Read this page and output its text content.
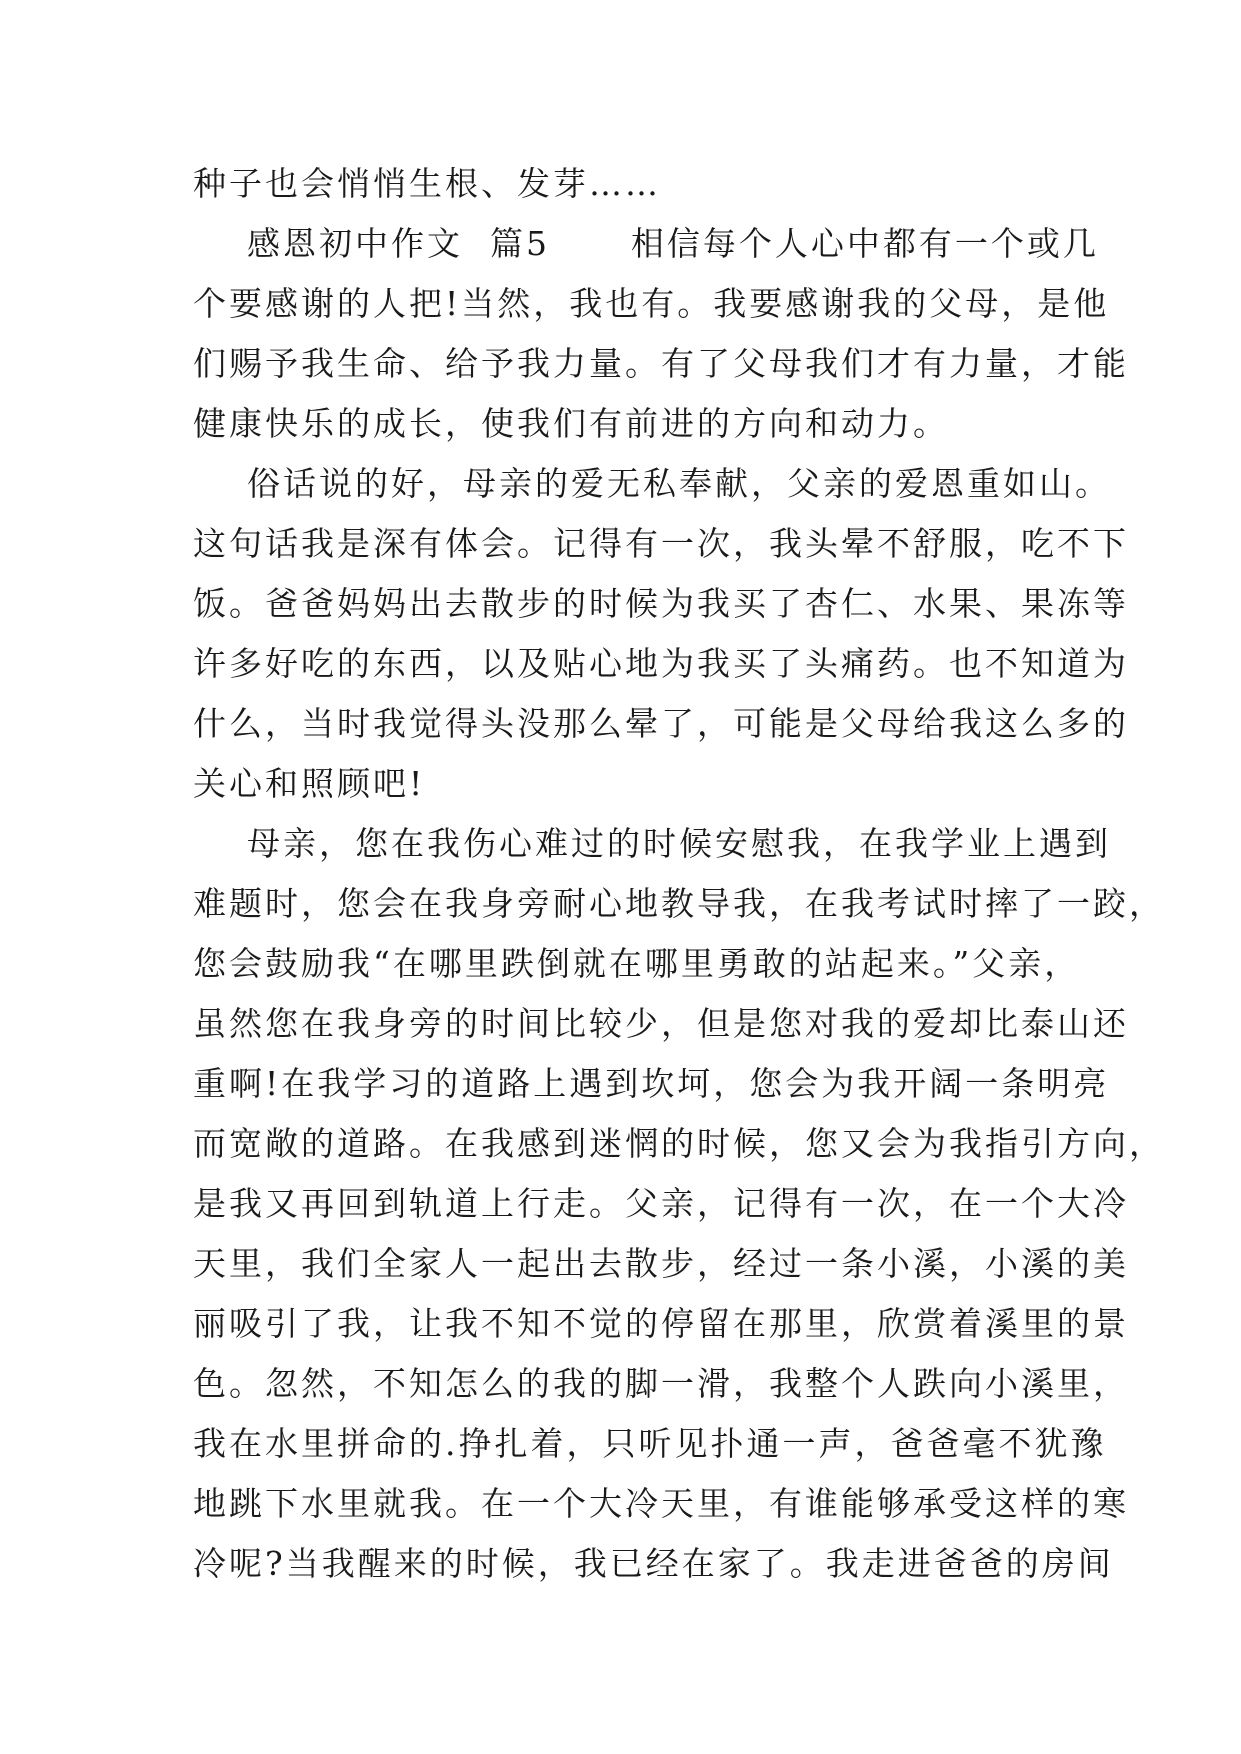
种子也会悄悄生根、发芽……
感恩初中作文  篇5      相信每个人心中都有一个或几
个要感谢的人把!当然，我也有。我要感谢我的父母，是他
们赐予我生命、给予我力量。有了父母我们才有力量，才能
健康快乐的成长，使我们有前进的方向和动力。
俗话说的好，母亲的爱无私奉献，父亲的爱恩重如山。
这句话我是深有体会。记得有一次，我头晕不舒服，吃不下
饭。爸爸妈妈出去散步的时候为我买了杏仁、水果、果冻等
许多好吃的东西，以及贴心地为我买了头痛药。也不知道为
什么，当时我觉得头没那么晕了，可能是父母给我这么多的
关心和照顾吧!
母亲，您在我伤心难过的时候安慰我，在我学业上遇到
难题时，您会在我身旁耐心地教导我，在我考试时摔了一跤，
您会鼓励我“在哪里跌倒就在哪里勇敢的站起来。”父亲，
虽然您在我身旁的时间比较少，但是您对我的爱却比泰山还
重啊!在我学习的道路上遇到坎坷，您会为我开阔一条明亮
而宽敞的道路。在我感到迷惘的时候，您又会为我指引方向，
是我又再回到轨道上行走。父亲，记得有一次，在一个大冷
天里，我们全家人一起出去散步，经过一条小溪，小溪的美
丽吸引了我，让我不知不觉的停留在那里，欣赏着溪里的景
色。忽然，不知怎么的我的脚一滑，我整个人跌向小溪里，
我在水里拼命的.挣扎着，只听见扑通一声，爸爸毫不犹豫
地跳下水里就我。在一个大冷天里，有谁能够承受这样的寒
冷呢?当我醒来的时候，我已经在家了。我走进爸爸的房间
